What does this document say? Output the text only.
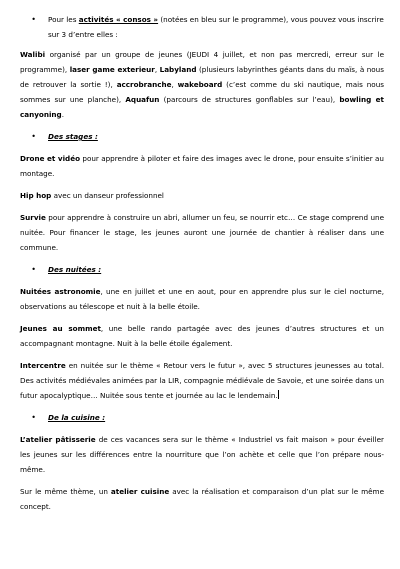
•	Pour les activités « consos » (notées en bleu sur le programme), vous pouvez vous inscrire sur 3 d’entre elles :

Walibi organisé par un groupe de jeunes (JEUDI 4 juillet, et non pas mercredi, erreur sur le programme), laser game exterieur, Labyland (plusieurs labyrinthes géants dans du maïs, à nous de retrouver la sortie !), accrobranche, wakeboard (c’est comme du ski nautique, mais nous sommes sur une planche), Aquafun (parcours de structures gonflables sur l’eau), bowling et canyoning.

•	Des stages :

Drone et vidéo pour apprendre à piloter et faire des images avec le drone, pour ensuite s’initier au montage.

Hip hop avec un danseur professionnel

Survie pour apprendre à construire un abri, allumer un feu, se nourrir etc… Ce stage comprend une nuitée. Pour financer le stage, les jeunes auront une journée de chantier à réaliser dans une commune.

•	Des nuitées :

Nuitées astronomie, une en juillet et une en aout, pour en apprendre plus sur le ciel nocturne, observations au télescope et nuit à la belle étoile.

Jeunes au sommet, une belle rando partagée avec des jeunes d’autres structures et un accompagnant montagne. Nuit à la belle étoile également.

Intercentre en nuitée sur le thème « Retour vers le futur », avec 5 structures jeunesses au total. Des activités médiévales animées par la LIR, compagnie médiévale de Savoie, et une soirée dans un futur apocalyptique… Nuitée sous tente et journée au lac le lendemain.

•	De la cuisine :

L’atelier pâtisserie de ces vacances sera sur le thème « Industriel vs fait maison » pour éveiller les jeunes sur les différences entre la nourriture que l’on achète et celle que l’on prépare nous-même.

Sur le même thème, un atelier cuisine avec la réalisation et comparaison d’un plat sur le même concept.
